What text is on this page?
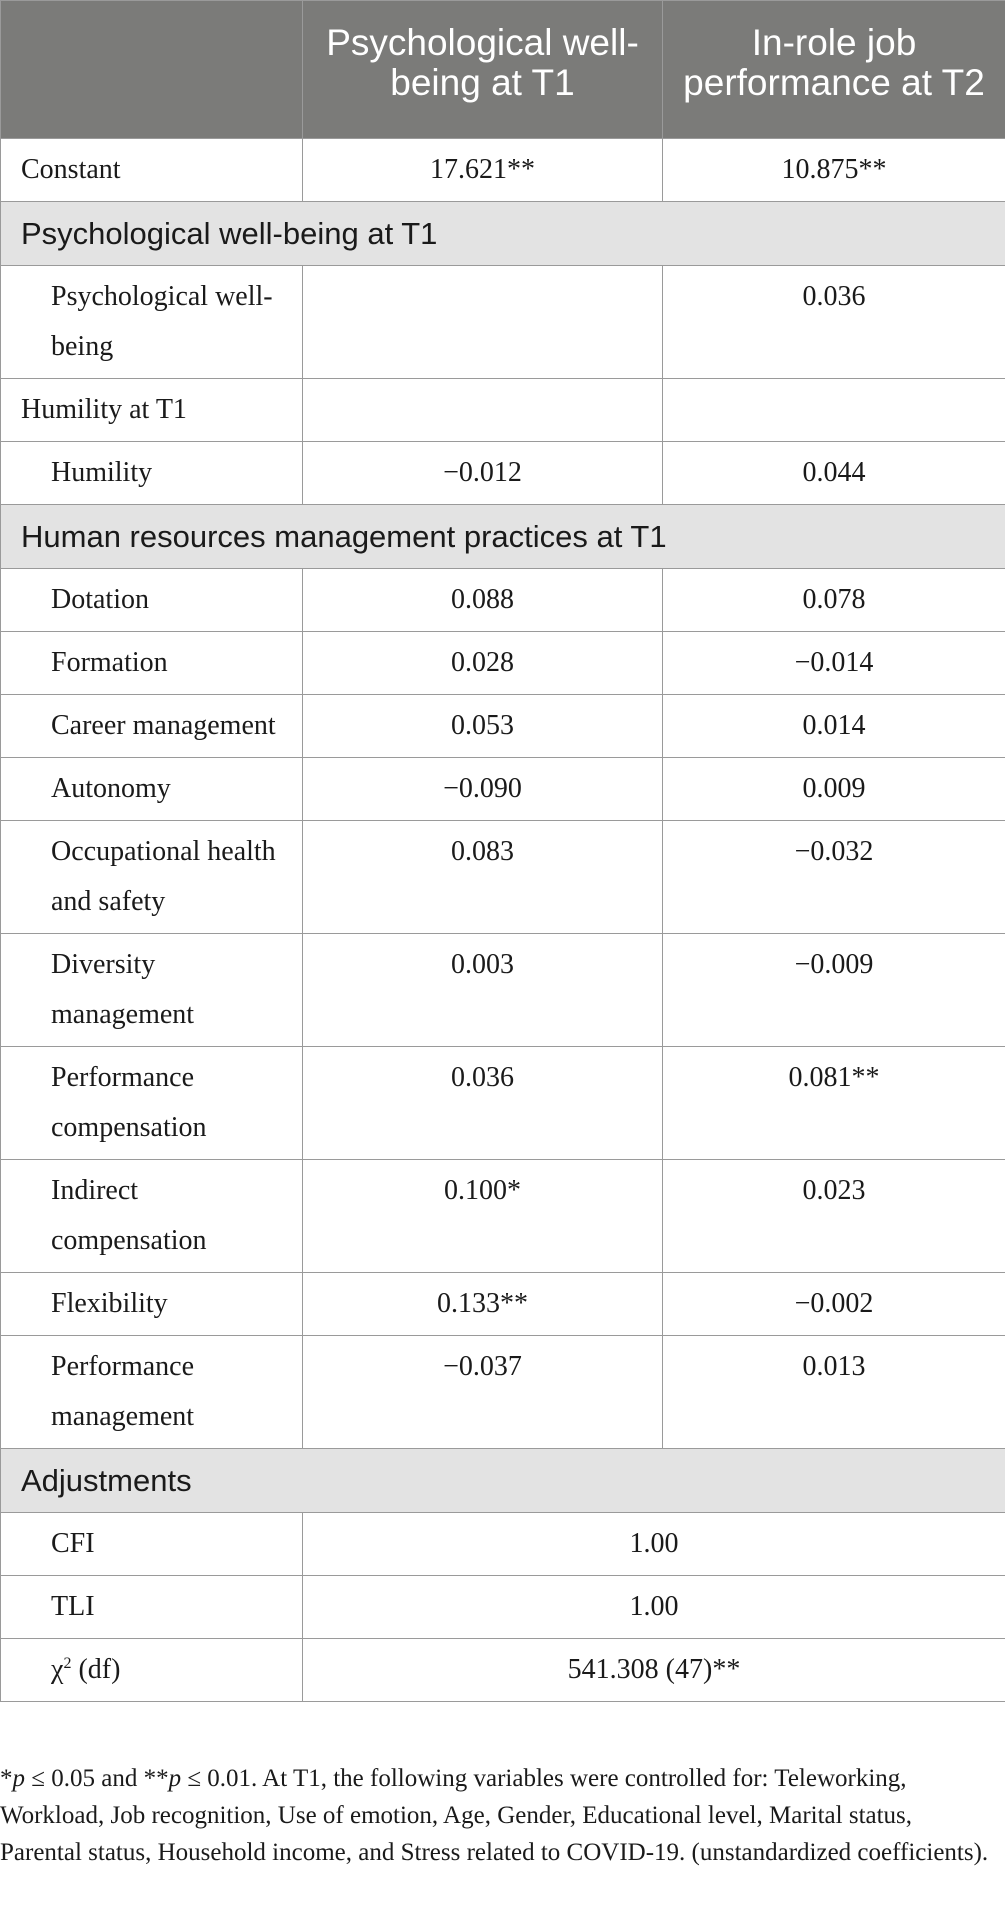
	Psychological well-being at T1	In-role job performance at T2
Constant	17.621**	10.875**
Psychological well-being at T1		
Psychological well-being		0.036
Humility at T1		
Humility	−0.012	0.044
Human resources management practices at T1		
Dotation	0.088	0.078
Formation	0.028	−0.014
Career management	0.053	0.014
Autonomy	−0.090	0.009
Occupational health and safety	0.083	−0.032
Diversity management	0.003	−0.009
Performance compensation	0.036	0.081**
Indirect compensation	0.100*	0.023
Flexibility	0.133**	−0.002
Performance management	−0.037	0.013
Adjustments		
CFI	1.00	
TLI	1.00	
$\chi^2$ (df)	541.308 (47)**	
*p ≤ 0.05 and **p ≤ 0.01. At T1, the following variables were controlled for: Teleworking, Workload, Job recognition, Use of emotion, Age, Gender, Educational level, Marital status, Parental status, Household income, and Stress related to COVID-19. (unstandardized coefficients).
